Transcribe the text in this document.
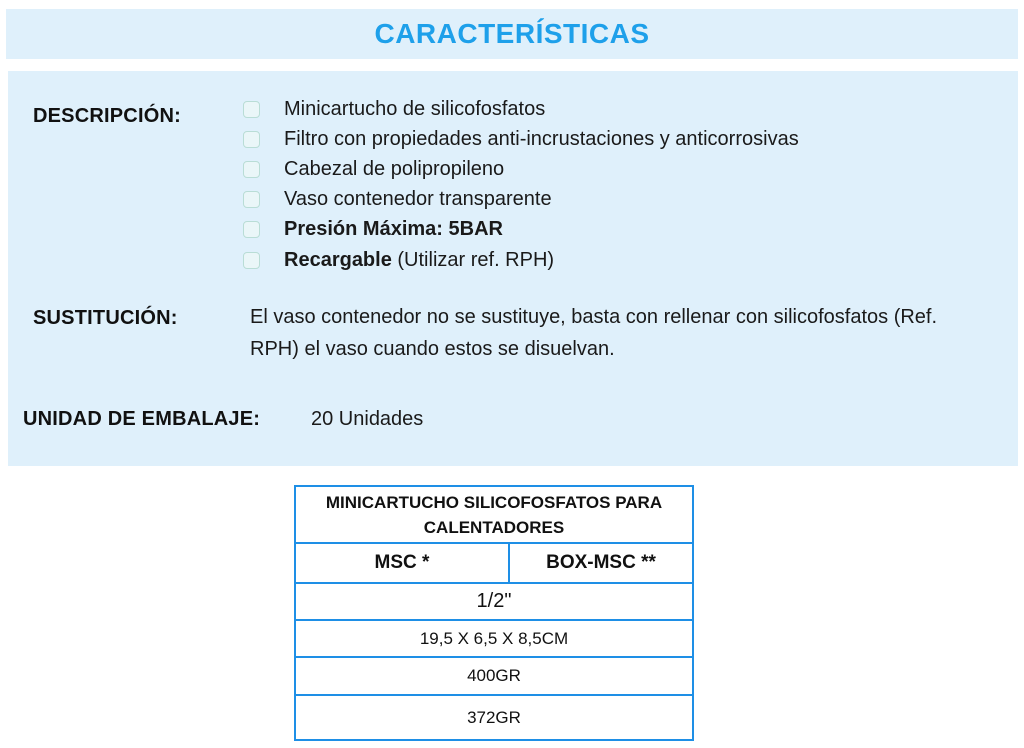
CARACTERÍSTICAS
DESCRIPCIÓN:	Minicartucho de silicofosfatos
Filtro con propiedades anti-incrustaciones y anticorrosivas
Cabezal de polipropileno
Vaso contenedor transparente
Presión Máxima: 5BAR
Recargable (Utilizar ref. RPH)
SUSTITUCIÓN:	El vaso contenedor no se sustituye, basta con rellenar con silicofosfatos (Ref. RPH) el vaso cuando estos se disuelvan.
UNIDAD DE EMBALAJE:	20 Unidades
MINICARTUCHO SILICOFOSFATOS PARA CALENTADORES
MSC *	BOX-MSC **
1/2"
19,5 X 6,5 X 8,5CM
400GR
372GR
